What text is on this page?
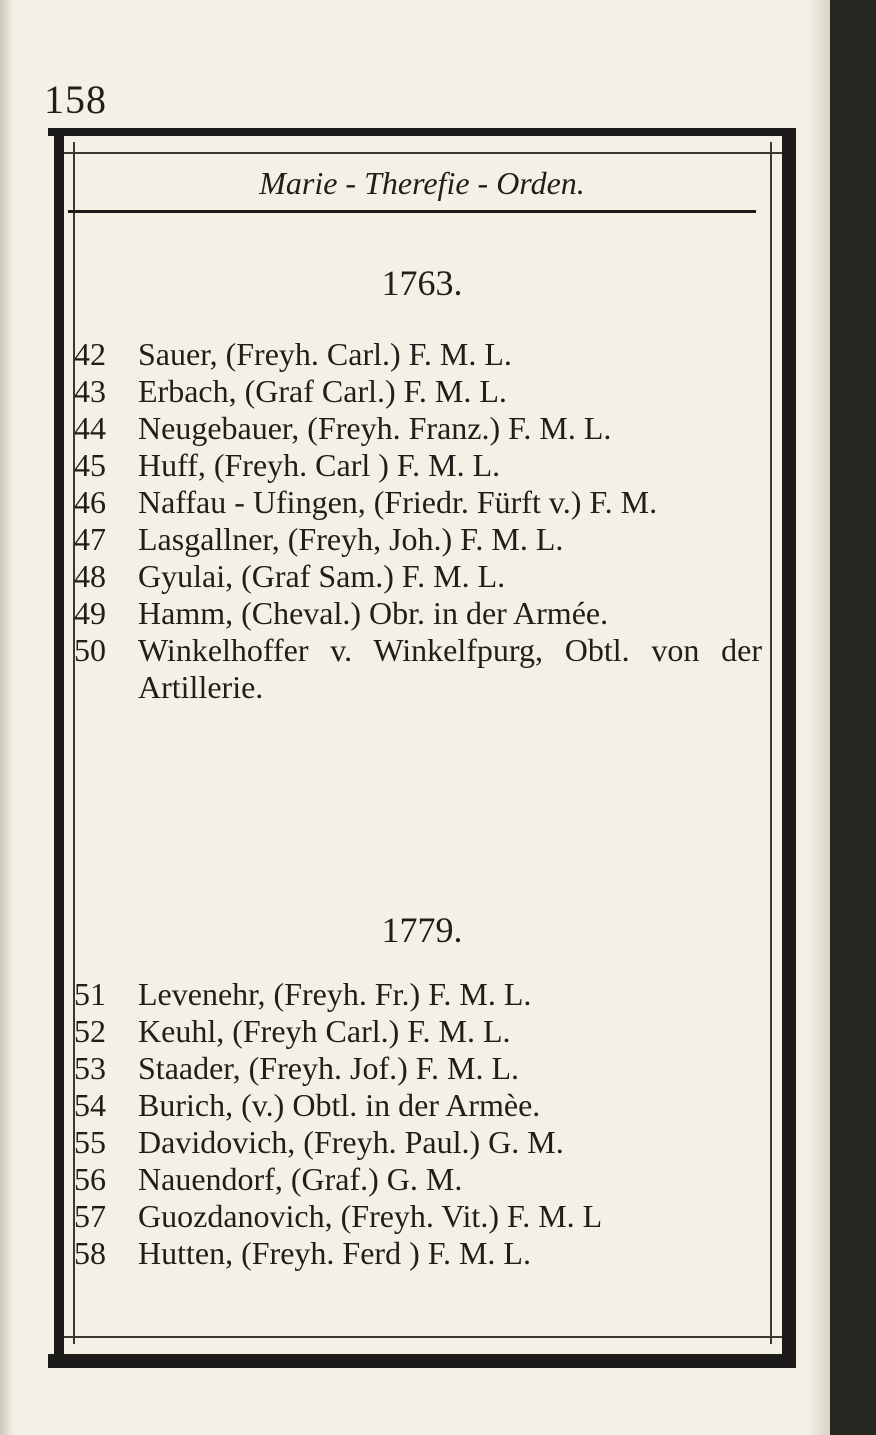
158
Marie - Therefie - Orden.
1763.
42	Sauer, (Freyh. Carl.) F. M. L.
43	Erbach, (Graf Carl.) F. M. L.
44	Neugebauer, (Freyh. Franz.) F. M. L.
45	Huff, (Freyh. Carl ) F. M. L.
46	Naffau - Ufingen, (Friedr. Fürft v.) F. M.
47	Lasgallner, (Freyh, Joh.) F. M. L.
48	Gyulai, (Graf Sam.) F. M. L.
49	Hamm, (Cheval.) Obr. in der Armée.
50	Winkelhoffer v. Winkelfpurg, Obtl. von der Artillerie.
1779.
51	Levenehr, (Freyh. Fr.) F. M. L.
52	Keuhl, (Freyh Carl.) F. M. L.
53	Staader, (Freyh. Jof.) F. M. L.
54	Burich, (v.) Obtl. in der Armèe.
55	Davidovich, (Freyh. Paul.) G. M.
56	Nauendorf, (Graf.) G. M.
57	Guozdanovich, (Freyh. Vit.) F. M. L
58	Hutten, (Freyh. Ferd ) F. M. L.
